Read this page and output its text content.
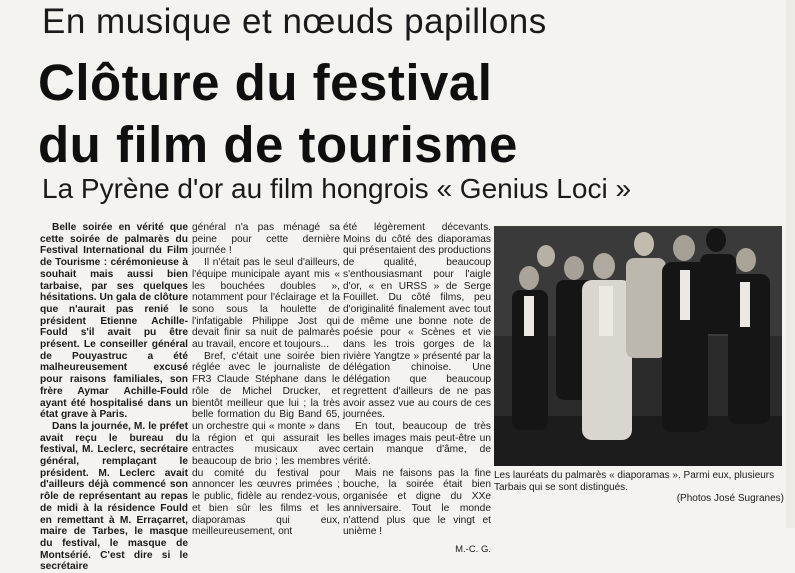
En musique et nœuds papillons
Clôture du festival
du film de tourisme
La Pyrène d'or au film hongrois « Genius Loci »

Belle soirée en vérité que cette soirée de palmarès du Festival International du Film de Tourisme : cérémonieuse à souhait mais aussi bien tarbaise, par ses quelques hésitations. Un gala de clôture que n'aurait pas renié le président Etienne Achille-Fould s'il avait pu être présent. Le conseiller général de Pouyastruc a été malheureusement excusé pour raisons familiales, son frère Aymar Achille-Fould ayant été hospitalisé dans un état grave à Paris.

Dans la journée, M. le préfet avait reçu le bureau du festival, M. Leclerc, secrétaire général, remplaçant le président. M. Leclerc avait d'ailleurs déjà commencé son rôle de représentant au repas de midi à la résidence Fould en remettant à M. Erraçarret, maire de Tarbes, le masque du festival, le masque de Montsérié. C'est dire si le secrétaire

général n'a pas ménagé sa peine pour cette dernière journée !

Il n'était pas le seul d'ailleurs, l'équipe municipale ayant mis « les bouchées doubles », notamment pour l'éclairage et la sono sous la houlette de l'infatigable Philippe Jost qui devait finir sa nuit de palmarès au travail, encore et toujours...

Bref, c'était une soirée bien réglée avec le journaliste de FR3 Claude Stéphane dans le rôle de Michel Drucker, et bientôt meilleur que lui ; la très belle formation du Big Band 65, un orchestre qui « monte » dans la région et qui assurait les entractes musicaux avec beaucoup de brio ; les membres du comité du festival pour annoncer les œuvres primées ; le public, fidèle au rendez-vous, et bien sûr les films et les diaporamas qui eux, meilleureusement, ont

été légèrement décevants. Moins du côté des diaporamas qui présentaient des productions de qualité, beaucoup s'enthousiasmant pour l'aigle d'or, « en URSS » de Serge Fouillet. Du côté films, peu d'originalité finalement avec tout de même une bonne note de poésie pour « Scènes et vie dans les trois gorges de la rivière Yangtze » présenté par la délégation chinoise. Une délégation que beaucoup regrettent d'ailleurs de ne pas avoir assez vue au cours de ces journées.

En tout, beaucoup de très belles images mais peut-être un certain manque d'âme, de vérité.

Mais ne faisons pas la fine bouche, la soirée était bien organisée et digne du XXe anniversaire. Tout le monde n'attend plus que le vingt et unième !

M.-C. G.

Les lauréats du palmarès « diaporamas ». Parmi eux, plusieurs Tarbais qui se sont distingués.
(Photos José Sugranes)
